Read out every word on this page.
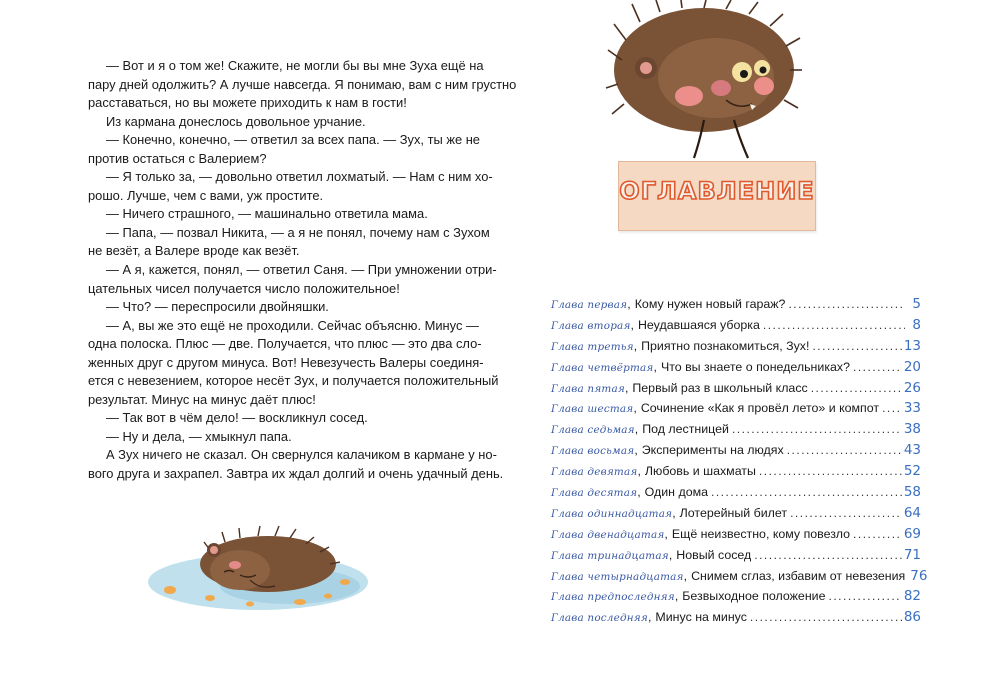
— Вот и я о том же! Скажите, не могли бы вы мне Зуха ещё на
пару дней одолжить? А лучше навсегда. Я понимаю, вам с ним грустно
расставаться, но вы можете приходить к нам в гости!
Из кармана донеслось довольное урчание.
— Конечно, конечно, — ответил за всех папа. — Зух, ты же не
против остаться с Валерием?
— Я только за, — довольно ответил лохматый. — Нам с ним хо-
рошо. Лучше, чем с вами, уж простите.
— Ничего страшного, — машинально ответила мама.
— Папа, — позвал Никита, — а я не понял, почему нам с Зухом
не везёт, а Валере вроде как везёт.
— А я, кажется, понял, — ответил Саня. — При умножении отри-
цательных чисел получается число положительное!
— Что? — переспросили двойняшки.
— А, вы же это ещё не проходили. Сейчас объясню. Минус —
одна полоска. Плюс — две. Получается, что плюс — это два сло-
женных друг с другом минуса. Вот! Невезучесть Валеры соединя-
ется с невезением, которое несёт Зух, и получается положительный
результат. Минус на минус даёт плюс!
— Так вот в чём дело! — воскликнул сосед.
— Ну и дела, — хмыкнул папа.
А Зух ничего не сказал. Он свернулся калачиком в кармане у но-
вого друга и захрапел. Завтра их ждал долгий и очень удачный день.
ОГЛАВЛЕНИЕ
Глава первая , Кому нужен новый гараж? .....	5
Глава вторая , Неудавшаяся уборка .....	8
Глава третья , Приятно познакомиться, Зух! .....	13
Глава четвёртая , Что вы знаете о понедельниках? .....	20
Глава пятая , Первый раз в школьный класс .....	26
Глава шестая , Сочинение «Как я провёл лето» и компот ..... 33
Глава седьмая , Под лестницей .....	38
Глава восьмая , Эксперименты на людях .....	43
Глава девятая , Любовь и шахматы .....	52
Глава десятая , Один дома .....	58
Глава одиннадцатая , Лотерейный билет .....	64
Глава двенадцатая , Ещё неизвестно, кому повезло .....	69
Глава тринадцатая , Новый сосед .....	71
Глава четырнадцатая , Снимем сглаз, избавим от невезения 76
Глава предпоследняя , Безвыходное положение .....	82
Глава последняя , Минус на минус .....	86
